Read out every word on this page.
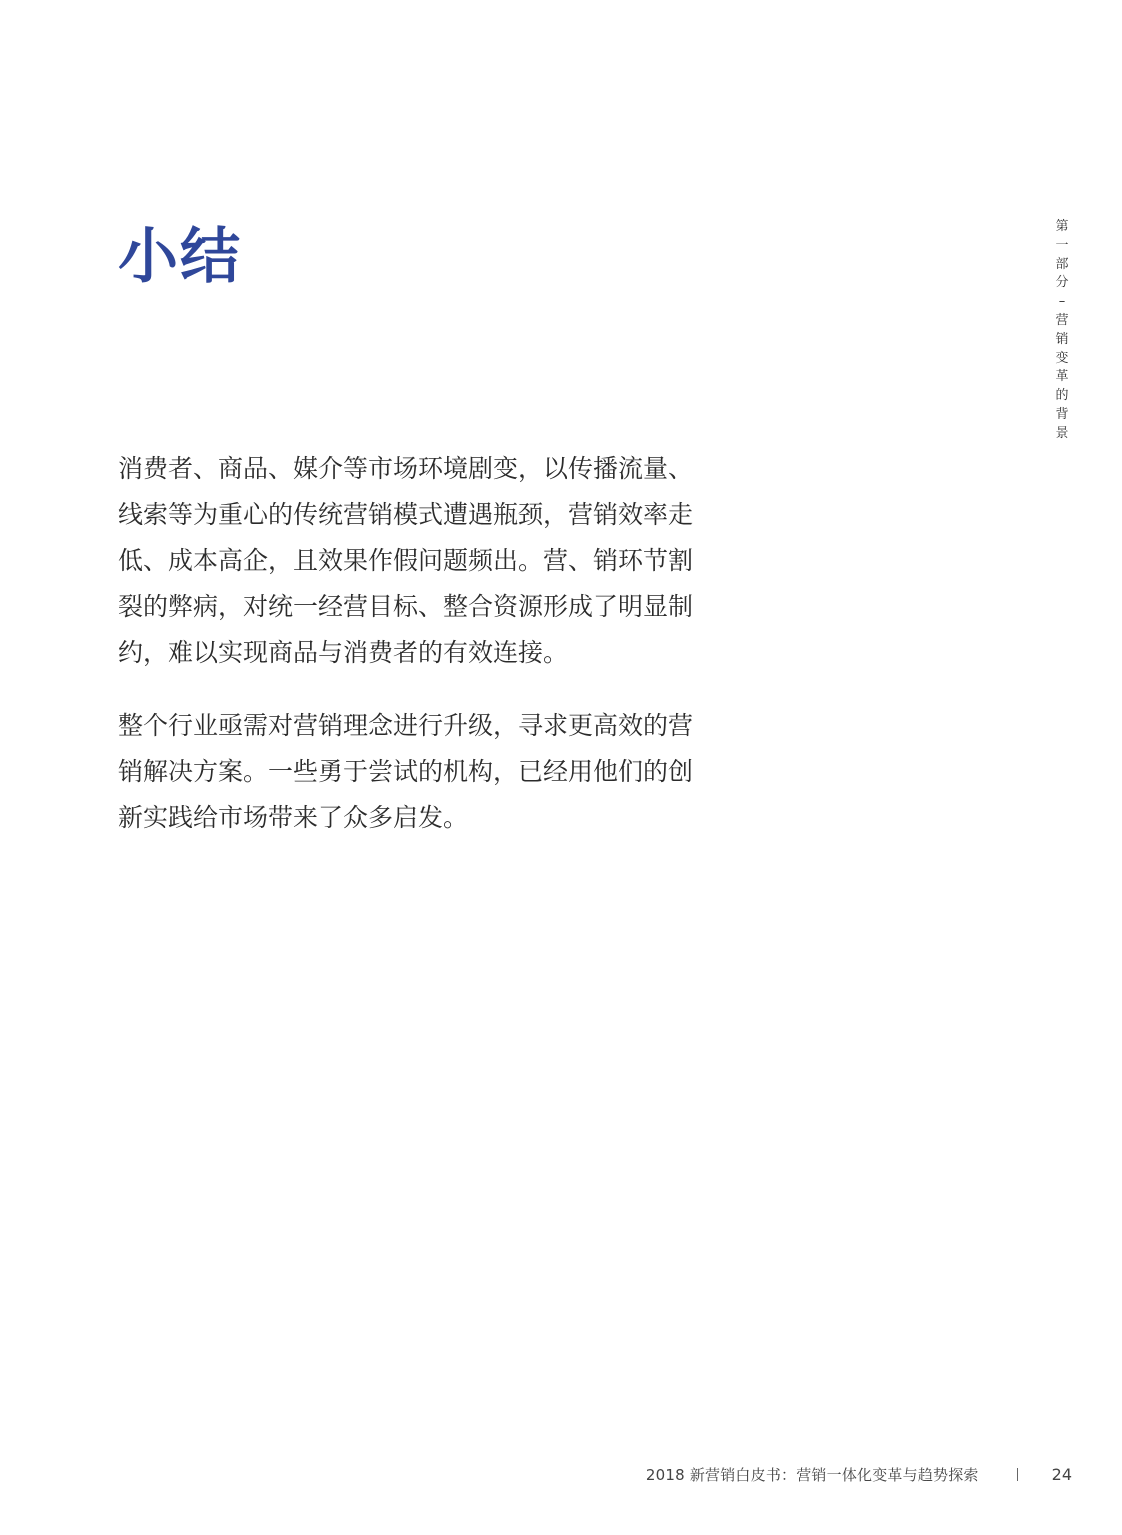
小结

消费者、商品、媒介等市场环境剧变，以传播流量、线索等为重心的传统营销模式遭遇瓶颈，营销效率走低、成本高企，且效果作假问题频出。营、销环节割裂的弊病，对统一经营目标、整合资源形成了明显制约，难以实现商品与消费者的有效连接。

整个行业亟需对营销理念进行升级，寻求更高效的营销解决方案。一些勇于尝试的机构，已经用他们的创新实践给市场带来了众多启发。

第
一
部
分
–
营
销
变
革
的
背
景
2018 新营销白皮书：营销一体化变革与趋势探索	24
